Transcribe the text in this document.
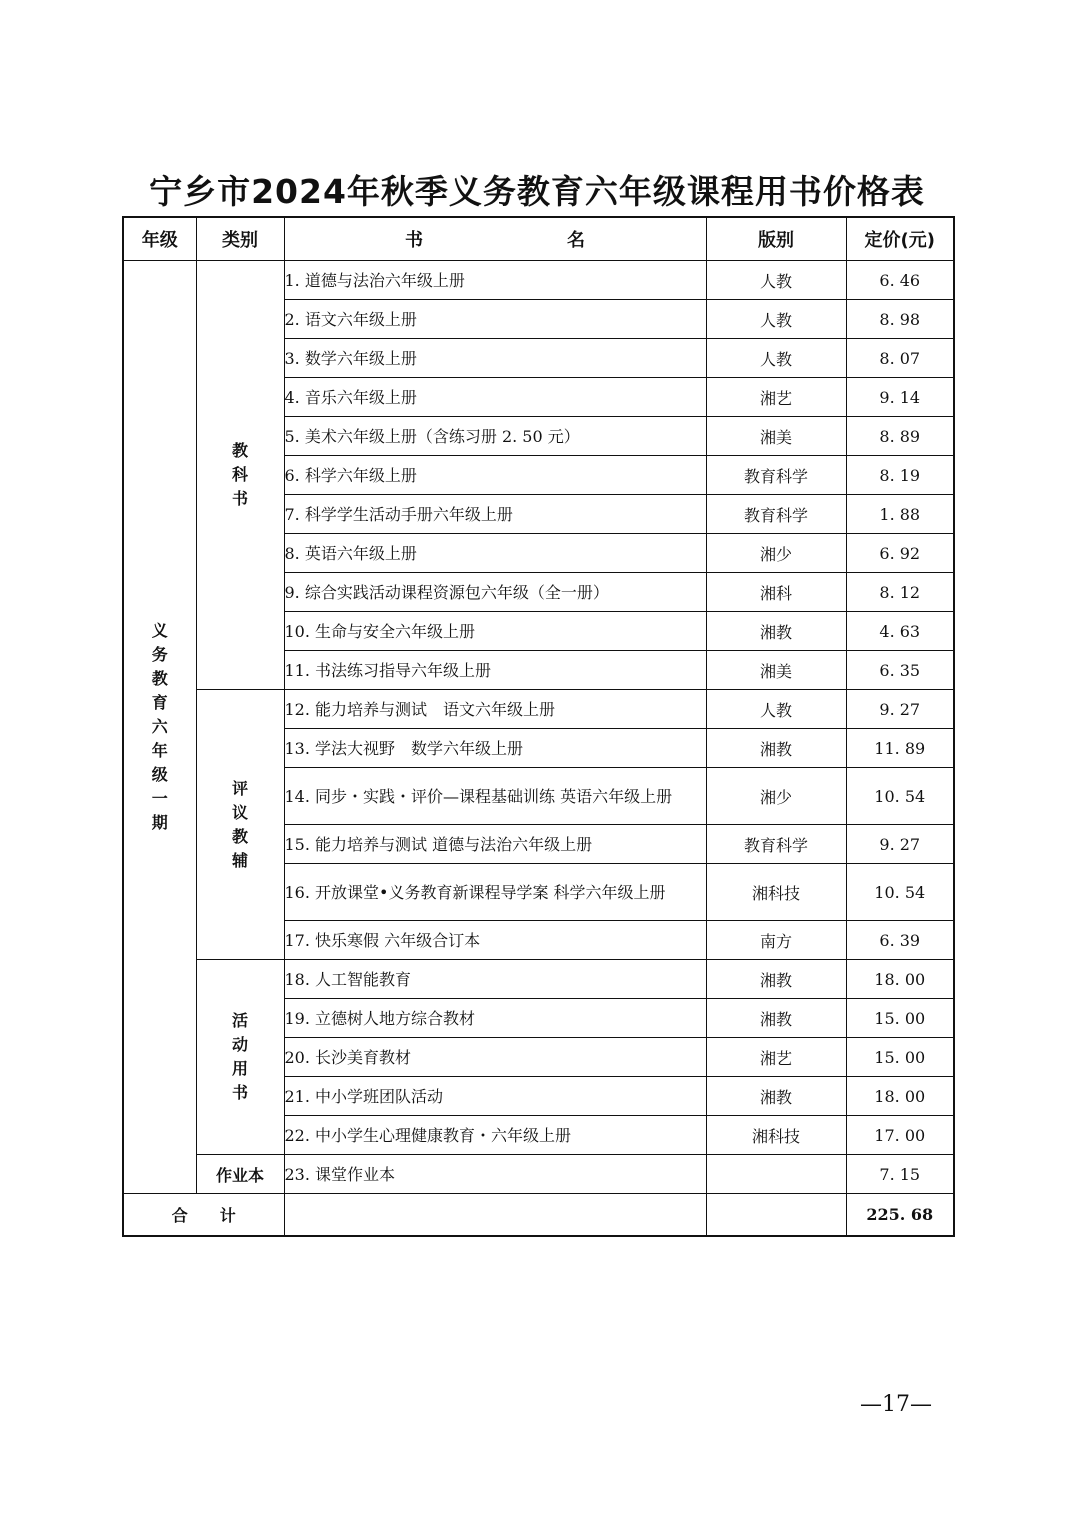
宁乡市2024年秋季义务教育六年级课程用书价格表
年级	类别	书　　　　　　　　名	版别	定价(元)
义务教育六年级一期	教科书	1. 道德与法治六年级上册	人教	6. 46
		2. 语文六年级上册	人教	8. 98
		3. 数学六年级上册	人教	8. 07
		4. 音乐六年级上册	湘艺	9. 14
		5. 美术六年级上册（含练习册 2. 50 元）	湘美	8. 89
		6. 科学六年级上册	教育科学	8. 19
		7. 科学学生活动手册六年级上册	教育科学	1. 88
		8. 英语六年级上册	湘少	6. 92
		9. 综合实践活动课程资源包六年级（全一册）	湘科	8. 12
		10. 生命与安全六年级上册	湘教	4. 63
		11. 书法练习指导六年级上册	湘美	6. 35
	评议教辅	12. 能力培养与测试　语文六年级上册	人教	9. 27
		13. 学法大视野　数学六年级上册	湘教	11. 89
		14. 同步・实践・评价—课程基础训练 英语六年级上册	湘少	10. 54
		15. 能力培养与测试 道德与法治六年级上册	教育科学	9. 27
		16. 开放课堂•义务教育新课程导学案 科学六年级上册	湘科技	10. 54
		17. 快乐寒假 六年级合订本	南方	6. 39
	活动用书	18. 人工智能教育	湘教	18. 00
		19. 立德树人地方综合教材	湘教	15. 00
		20. 长沙美育教材	湘艺	15. 00
		21. 中小学班团队活动	湘教	18. 00
		22. 中小学生心理健康教育・六年级上册	湘科技	17. 00
	作业本	23. 课堂作业本		7. 15
合　　计				225. 68
—17—
